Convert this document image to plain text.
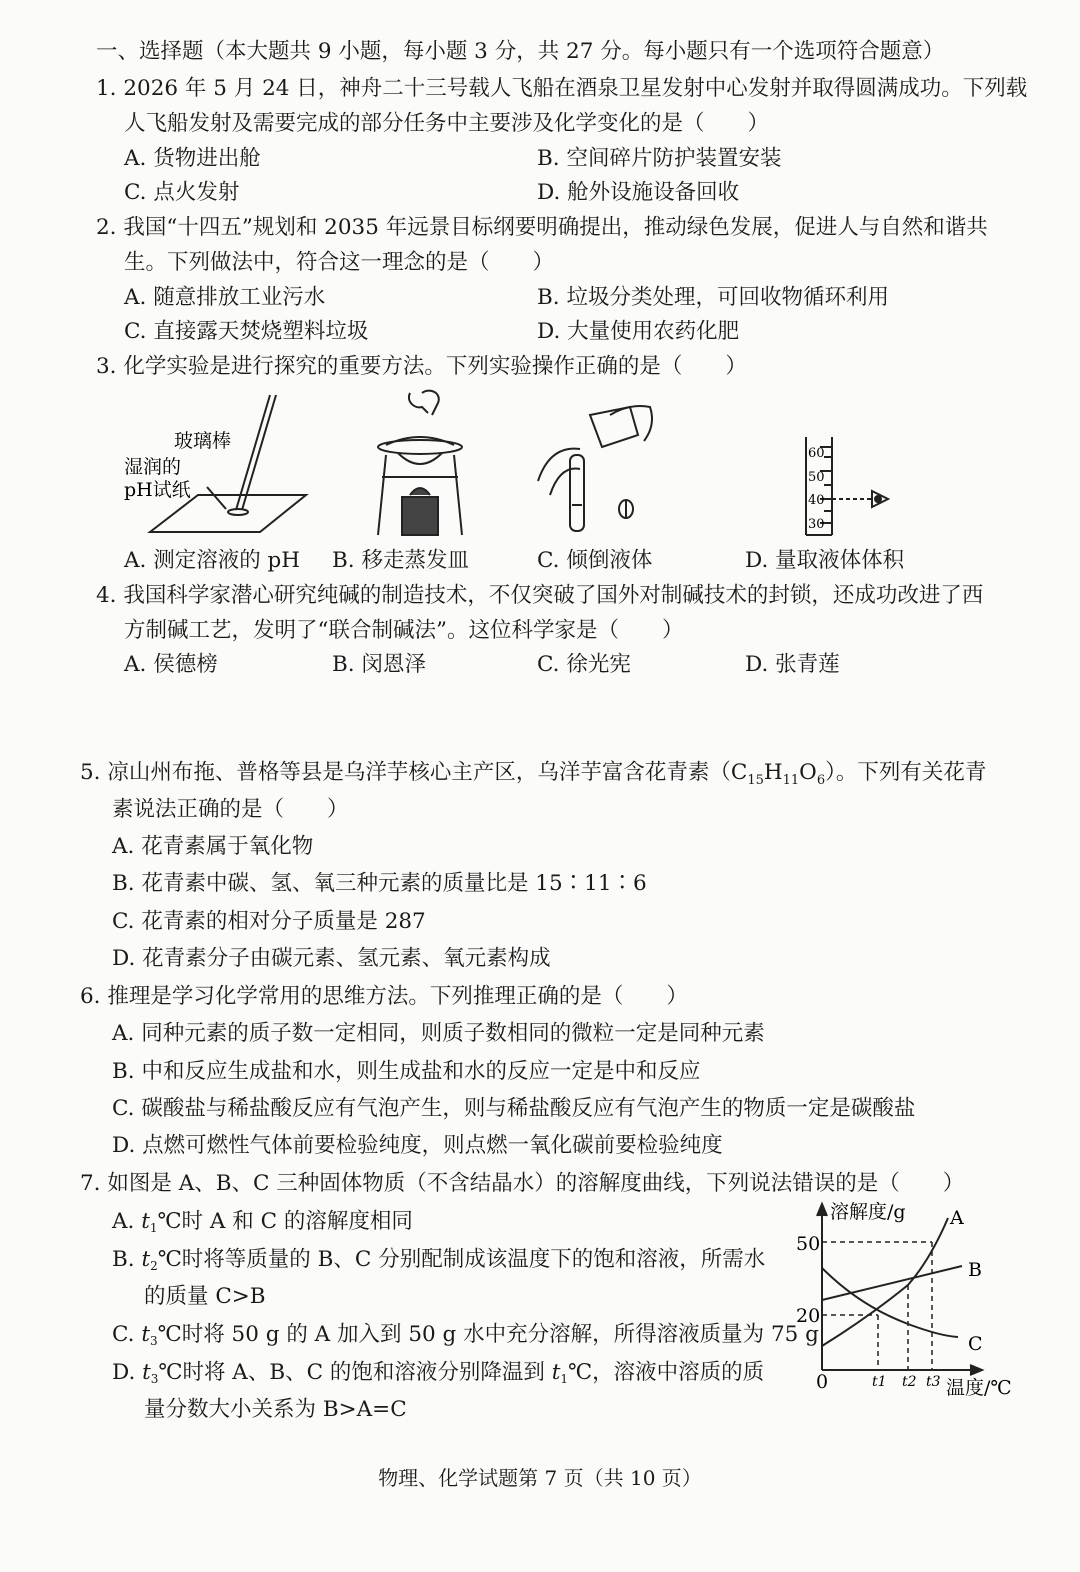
一、选择题（本大题共 9 小题，每小题 3 分，共 27 分。每小题只有一个选项符合题意）
1. 2026 年 5 月 24 日，神舟二十三号载人飞船在酒泉卫星发射中心发射并取得圆满成功。下列载
人飞船发射及需要完成的部分任务中主要涉及化学变化的是（　　）
A. 货物进出舱	B. 空间碎片防护装置安装
C. 点火发射	D. 舱外设施设备回收
2. 我国“十四五”规划和 2035 年远景目标纲要明确提出，推动绿色发展，促进人与自然和谐共
生。下列做法中，符合这一理念的是（　　）
A. 随意排放工业污水	B. 垃圾分类处理，可回收物循环利用
C. 直接露天焚烧塑料垃圾	D. 大量使用农药化肥
3. 化学实验是进行探究的重要方法。下列实验操作正确的是（　　）
玻璃棒
湿润的
pH试纸
60
50
40
30
A. 测定溶液的 pH B. 移走蒸发皿	C. 倾倒液体	D. 量取液体体积
4. 我国科学家潜心研究纯碱的制造技术，不仅突破了国外对制碱技术的封锁，还成功改进了西
方制碱工艺，发明了“联合制碱法”。这位科学家是（　　）
A. 侯德榜	B. 闵恩泽	C. 徐光宪	D. 张青莲
5. 凉山州布拖、普格等县是乌洋芋核心主产区，乌洋芋富含花青素$(C_{15}H_{11}O_6)$。下列有关花青
素说法正确的是（　　）
A. 花青素属于氧化物
B. 花青素中碳、氢、氧三种元素的质量比是 15∶11∶6
C. 花青素的相对分子质量是 287
D. 花青素分子由碳元素、氢元素、氧元素构成
6. 推理是学习化学常用的思维方法。下列推理正确的是（　　）
A. 同种元素的质子数一定相同，则质子数相同的微粒一定是同种元素
B. 中和反应生成盐和水，则生成盐和水的反应一定是中和反应
C. 碳酸盐与稀盐酸反应有气泡产生，则与稀盐酸反应有气泡产生的物质一定是碳酸盐
D. 点燃可燃性气体前要检验纯度，则点燃一氧化碳前要检验纯度
7. 如图是 A、B、C 三种固体物质（不含结晶水）的溶解度曲线，下列说法错误的是（　　）
A. t1℃时 A 和 C 的溶解度相同
B. t2℃时将等质量的 B、C 分别配制成该温度下的饱和溶液，所需水
的质量 C>B
C. t3℃时将 50 g 的 A 加入到 50 g 水中充分溶解，所得溶液质量为 75 g
D. t3℃时将 A、B、C 的饱和溶液分别降温到 t1℃，溶液中溶质的质
量分数大小关系为 B>A=C
溶解度/g A
B
C
50
20
0	t1 t2 t3 温度/℃
物理、化学试题第 7 页（共 10 页）
